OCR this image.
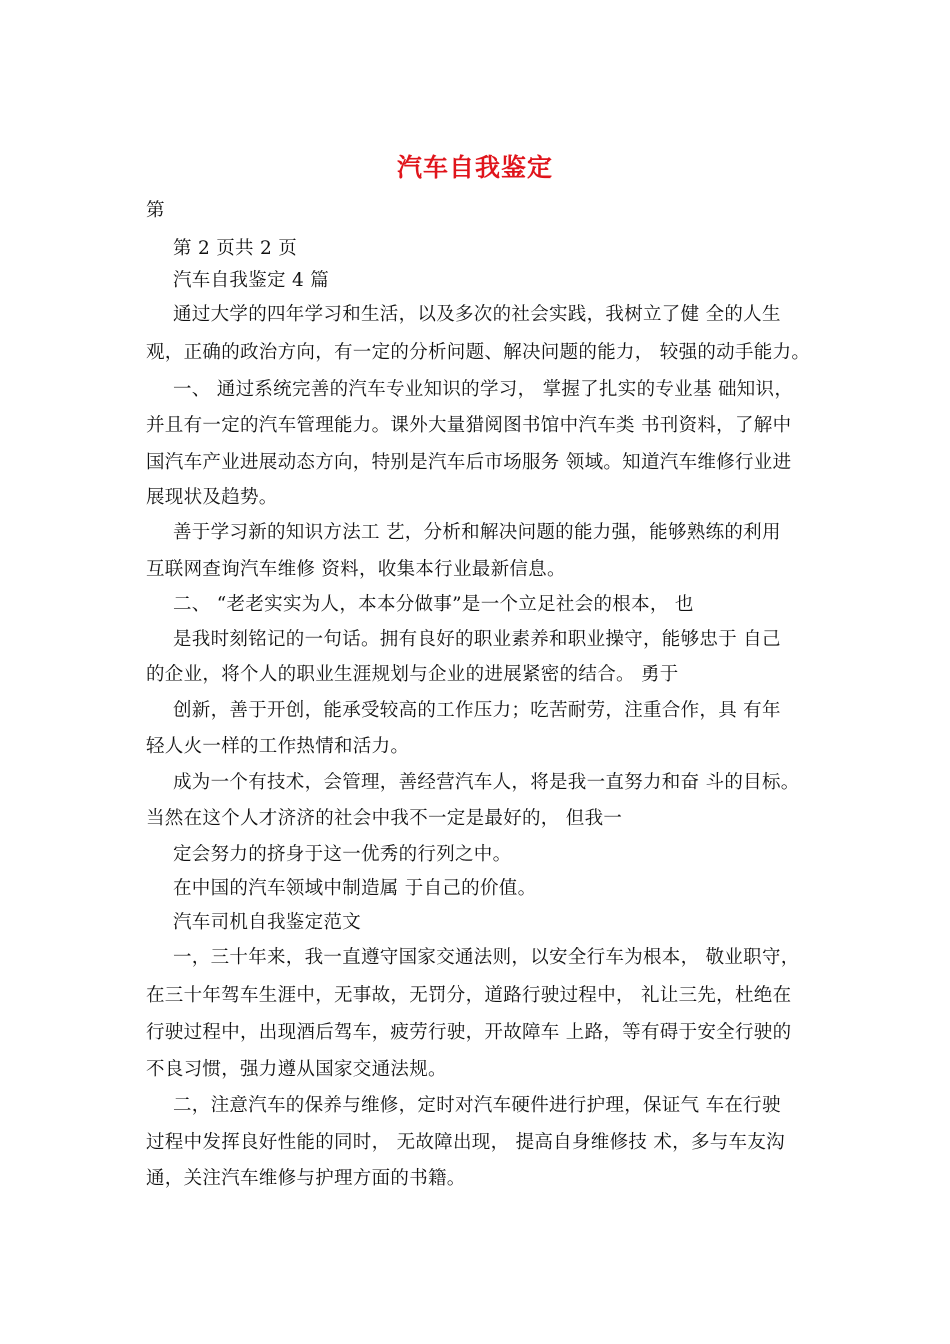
汽车自我鉴定
第
第 2 页共 2 页
汽车自我鉴定 4 篇
通过大学的四年学习和生活，以及多次的社会实践，我树立了健 全的人生
观，正确的政治方向，有一定的分析问题、解决问题的能力， 较强的动手能力。
一、 通过系统完善的汽车专业知识的学习， 掌握了扎实的专业基 础知识，
并且有一定的汽车管理能力。课外大量猎阅图书馆中汽车类 书刊资料，了解中
国汽车产业进展动态方向，特别是汽车后市场服务 领域。知道汽车维修行业进
展现状及趋势。
善于学习新的知识方法工 艺，分析和解决问题的能力强，能够熟练的利用
互联网查询汽车维修 资料，收集本行业最新信息。
二、 “老老实实为人，本本分做事”是一个立足社会的根本， 也
是我时刻铭记的一句话。拥有良好的职业素养和职业操守，能够忠于 自己
的企业，将个人的职业生涯规划与企业的进展紧密的结合。 勇于
创新，善于开创，能承受较高的工作压力；吃苦耐劳，注重合作，具 有年
轻人火一样的工作热情和活力。
成为一个有技术，会管理，善经营汽车人，将是我一直努力和奋 斗的目标。
当然在这个人才济济的社会中我不一定是最好的， 但我一
定会努力的挤身于这一优秀的行列之中。
在中国的汽车领域中制造属 于自己的价值。
汽车司机自我鉴定范文
一，三十年来，我一直遵守国家交通法则，以安全行车为根本， 敬业职守，
在三十年驾车生涯中，无事故，无罚分，道路行驶过程中， 礼让三先，杜绝在
行驶过程中，出现酒后驾车，疲劳行驶，开故障车 上路，等有碍于安全行驶的
不良习惯，强力遵从国家交通法规。
二，注意汽车的保养与维修，定时对汽车硬件进行护理，保证气 车在行驶
过程中发挥良好性能的同时， 无故障出现， 提高自身维修技 术，多与车友沟
通，关注汽车维修与护理方面的书籍。
